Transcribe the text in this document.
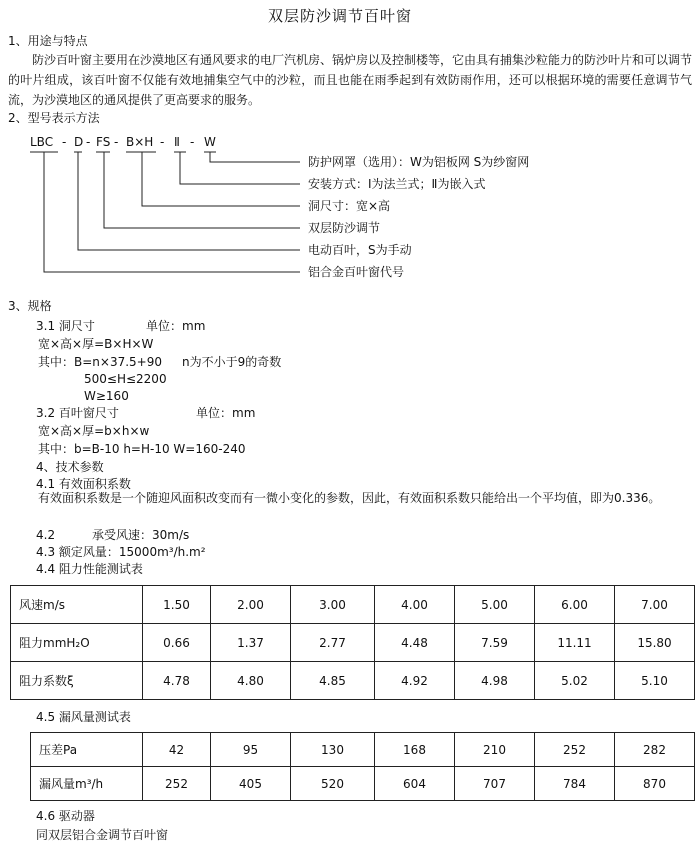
双层防沙调节百叶窗
1、用途与特点
防沙百叶窗主要用在沙漠地区有通风要求的电厂汽机房、锅炉房以及控制楼等，它由具有捕集沙粒能力的防沙叶片和可以调节的叶片组成，该百叶窗不仅能有效地捕集空气中的沙粒，而且也能在雨季起到有效防雨作用，还可以根据环境的需要任意调节气流，为沙漠地区的通风提供了更高要求的服务。
2、型号表示方法
LBC - D - FS - B×H - Ⅱ - W
防护网罩（选用）：W为铝板网 S为纱窗网
安装方式：Ⅰ为法兰式；Ⅱ为嵌入式
洞尺寸：宽×高
双层防沙调节
电动百叶，S为手动
铝合金百叶窗代号
3、规格
3.1 洞尺寸	单位：mm
宽×高×厚=B×H×W
其中：B=n×37.5+90 n为不小于9的奇数
500≤H≤2200
W≥160
3.2 百叶窗尺寸	单位：mm
宽×高×厚=b×h×w
其中：b=B-10 h=H-10 W=160-240
4、技术参数
4.1 有效面积系数
有效面积系数是一个随迎风面积改变而有一微小变化的参数，因此，有效面积系数只能给出一个平均值，即为0.336。
4.2	承受风速：30m/s
4.3 额定风量：15000m³/h.m²
4.4 阻力性能测试表
风速m/s	1.50	2.00	3.00	4.00	5.00	6.00	7.00
阻力mmH₂O	0.66	1.37	2.77	4.48	7.59	11.11	15.80
阻力系数ξ	4.78	4.80	4.85	4.92	4.98	5.02	5.10
4.5 漏风量测试表
压差Pa	42	95	130	168	210	252	282
漏风量m³/h	252	405	520	604	707	784	870
4.6 驱动器
同双层铝合金调节百叶窗
